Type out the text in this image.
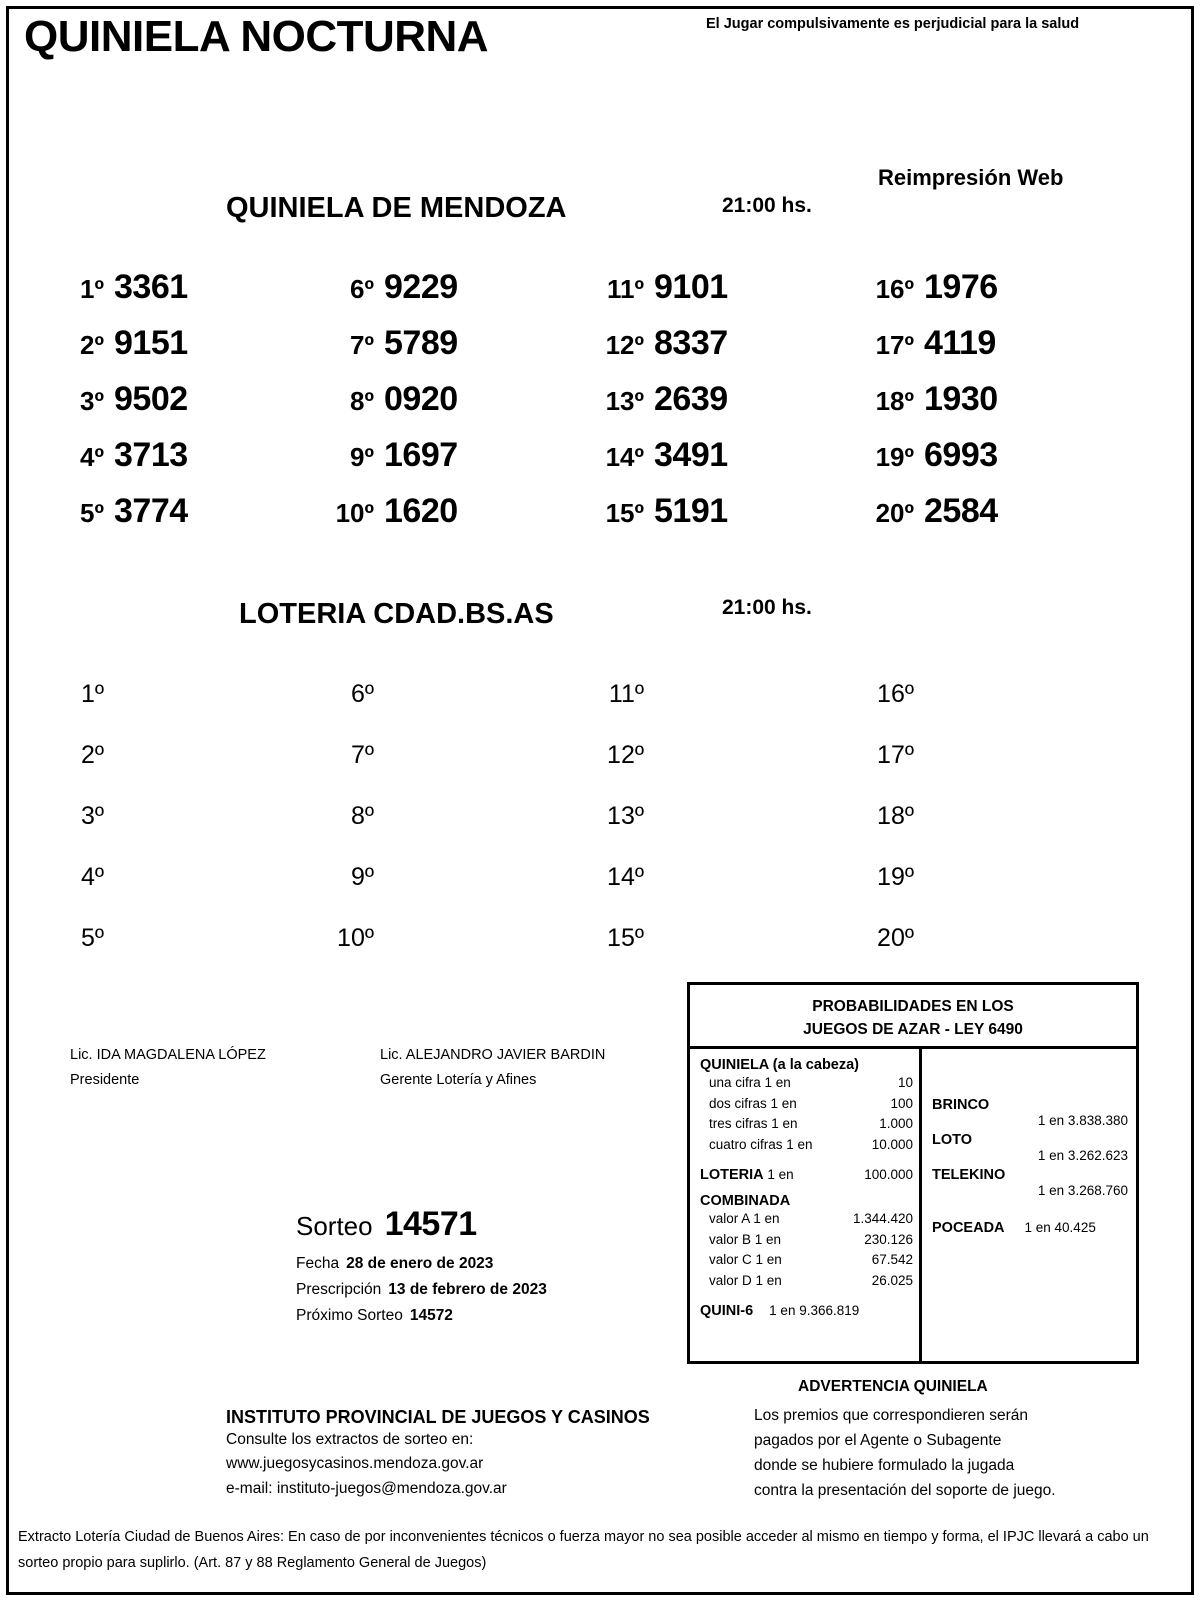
QUINIELA NOCTURNA	El Jugar compulsivamente es perjudicial para la salud
Reimpresión Web
QUINIELA DE MENDOZA	21:00 hs.
1º 3361	6º 9229	11º 9101	16º 1976
2º 9151	7º 5789	12º 8337	17º 4119
3º 9502	8º 0920	13º 2639	18º 1930
4º 3713	9º 1697	14º 3491	19º 6993
5º 3774	10º 1620	15º 5191	20º 2584
LOTERIA CDAD.BS.AS	21:00 hs.
1º	6º	11º	16º
2º	7º	12º	17º
3º	8º	13º	18º
4º	9º	14º	19º
5º	10º	15º	20º
Lic. IDA MAGDALENA LÓPEZ
Presidente
Lic. ALEJANDRO JAVIER BARDIN
Gerente Lotería y Afines
Sorteo 14571
Fecha 28 de enero de 2023
Prescripción 13 de febrero de 2023
Próximo Sorteo 14572
PROBABILIDADES EN LOS
JUEGOS DE AZAR - LEY 6490
QUINIELA (a la cabeza)
una cifra 1 en	10
dos cifras 1 en	100
tres cifras 1 en	1.000
cuatro cifras 1 en	10.000
LOTERIA 1 en	100.000
COMBINADA
valor A 1 en	1.344.420
valor B 1 en	230.126
valor C 1 en	67.542
valor D 1 en	26.025
QUINI-6 1 en 9.366.819
BRINCO
1 en 3.838.380
LOTO
1 en 3.262.623
TELEKINO
1 en 3.268.760
POCEADA	1 en 40.425
ADVERTENCIA QUINIELA
Los premios que correspondieren serán
pagados por el Agente o Subagente
donde se hubiere formulado la jugada
contra la presentación del soporte de juego.
INSTITUTO PROVINCIAL DE JUEGOS Y CASINOS
Consulte los extractos de sorteo en:
www.juegosycasinos.mendoza.gov.ar
e-mail: instituto-juegos@mendoza.gov.ar
Extracto Lotería Ciudad de Buenos Aires: En caso de por inconvenientes técnicos o fuerza mayor no sea posible acceder al mismo en tiempo y forma, el IPJC llevará a cabo un sorteo propio para suplirlo. (Art. 87 y 88 Reglamento General de Juegos)
